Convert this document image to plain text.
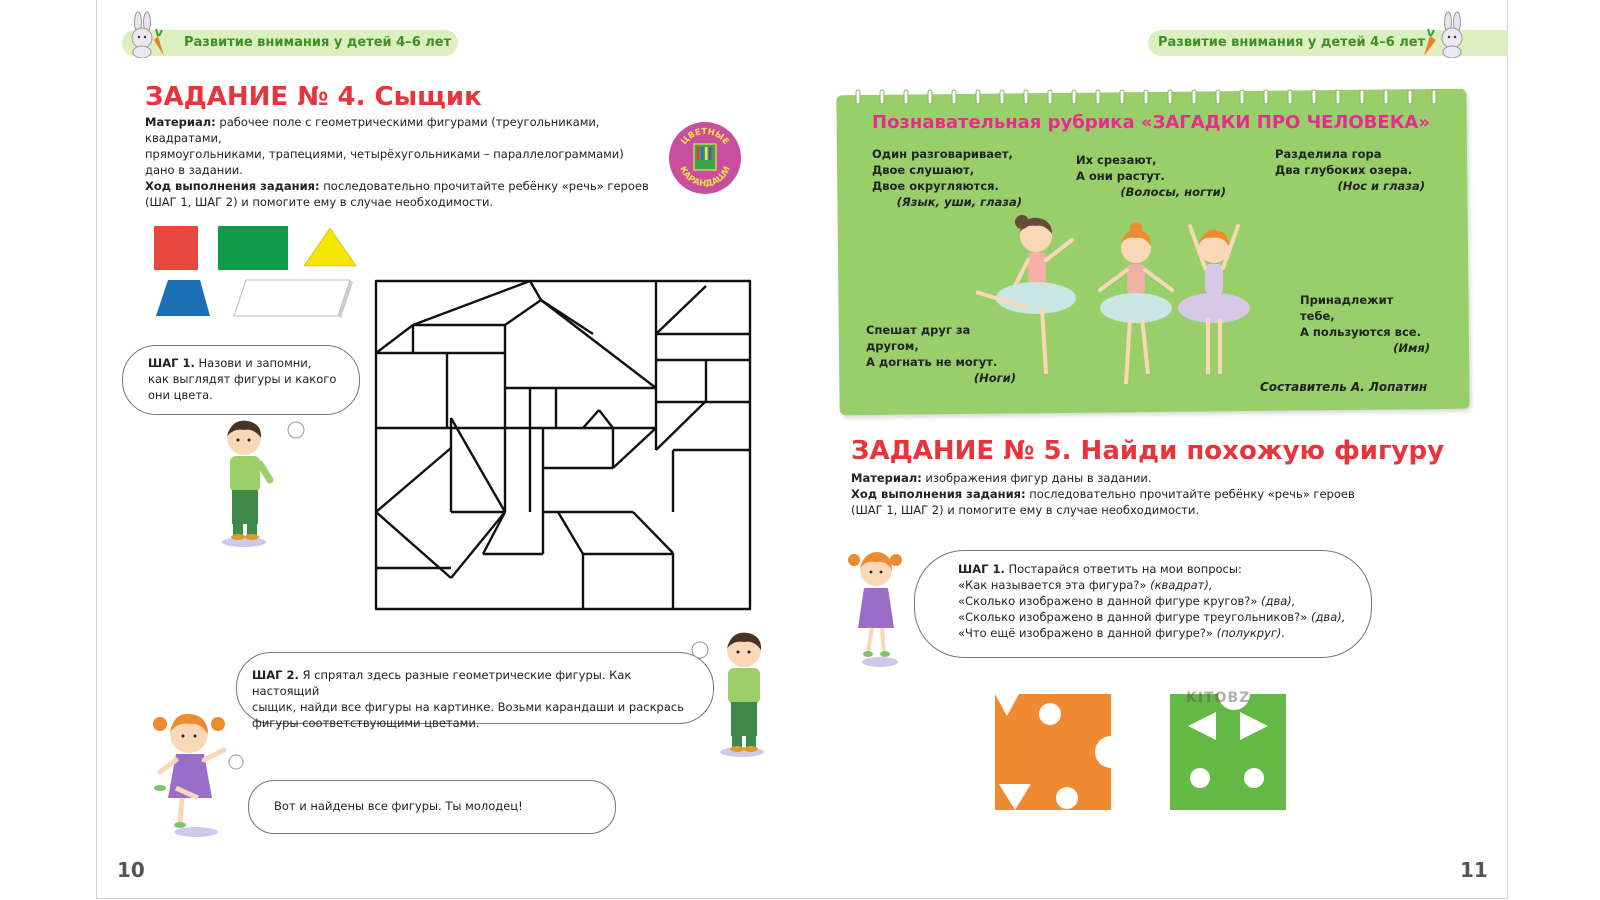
Развитие внимания у детей 4–6 лет	Развитие внимания у детей 4–6 лет
ЗАДАНИЕ № 4. Сыщик
Материал: рабочее поле с геометрическими фигурами (треугольниками, квадратами,
прямоугольниками, трапециями, четырёхугольниками – параллелограммами)
дано в задании.
Ход выполнения задания: последовательно прочитайте ребёнку «речь» героев
(ШАГ 1, ШАГ 2) и помогите ему в случае необходимости.
ЦВЕТНЫЕ
КАРАНДАШИ
ШАГ 1. Назови и запомни,
как выглядят фигуры и какого
они цвета.
ШАГ 2. Я спрятал здесь разные геометрические фигуры. Как настоящий
сыщик, найди все фигуры на картинке. Возьми карандаши и раскрась
фигуры соответствующими цветами.
Вот и найдены все фигуры. Ты молодец!
10
Познавательная рубрика «ЗАГАДКИ ПРО ЧЕЛОВЕКА»
Один разговаривает,
Двое слушают,
Двое округляются.
(Язык, уши, глаза)
Их срезают,
А они растут.
(Волосы, ногти)
Разделила гора
Два глубоких озера.
(Нос и глаза)
Спешат друг за другом,
А догнать не могут.
(Ноги)
Принадлежит тебе,
А пользуются все.
(Имя)
Составитель А. Лопатин
ЗАДАНИЕ № 5. Найди похожую фигуру
Материал: изображения фигур даны в задании.
Ход выполнения задания: последовательно прочитайте ребёнку «речь» героев
(ШАГ 1, ШАГ 2) и помогите ему в случае необходимости.
ШАГ 1. Постарайся ответить на мои вопросы:
«Как называется эта фигура?» (квадрат),
«Сколько изображено в данной фигуре кругов?» (два),
«Сколько изображено в данной фигуре треугольников?» (два),
«Что ещё изображено в данной фигуре?» (полукруг).
KITOBZ
11
